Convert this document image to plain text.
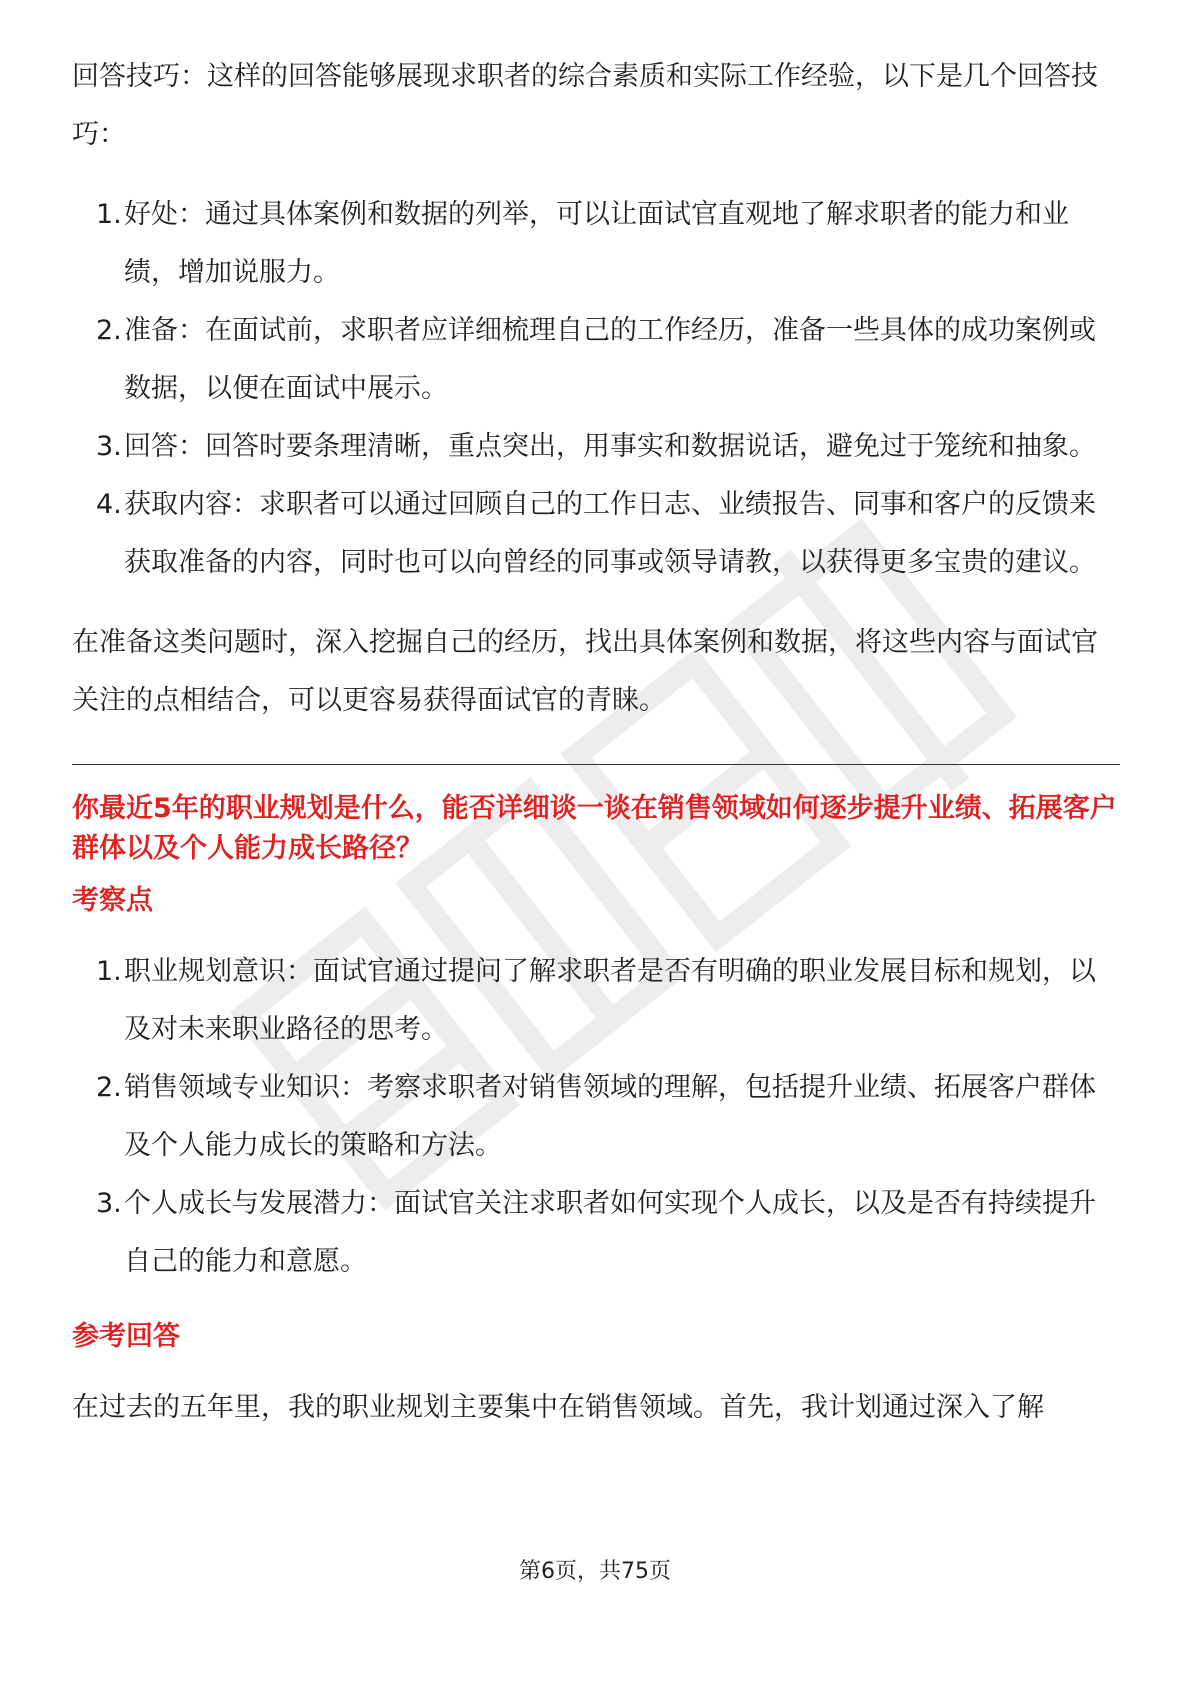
回答技巧：这样的回答能够展现求职者的综合素质和实际工作经验，以下是几个回答技巧：

1. 好处：通过具体案例和数据的列举，可以让面试官直观地了解求职者的能力和业绩，增加说服力。
2. 准备：在面试前，求职者应详细梳理自己的工作经历，准备一些具体的成功案例或数据，以便在面试中展示。
3. 回答：回答时要条理清晰，重点突出，用事实和数据说话，避免过于笼统和抽象。
4. 获取内容：求职者可以通过回顾自己的工作日志、业绩报告、同事和客户的反馈来获取准备的内容，同时也可以向曾经的同事或领导请教，以获得更多宝贵的建议。

在准备这类问题时，深入挖掘自己的经历，找出具体案例和数据，将这些内容与面试官关注的点相结合，可以更容易获得面试官的青睐。

你最近5年的职业规划是什么，能否详细谈一谈在销售领域如何逐步提升业绩、拓展客户群体以及个人能力成长路径？

考察点

1. 职业规划意识：面试官通过提问了解求职者是否有明确的职业发展目标和规划，以及对未来职业路径的思考。
2. 销售领域专业知识：考察求职者对销售领域的理解，包括提升业绩、拓展客户群体及个人能力成长的策略和方法。
3. 个人成长与发展潜力：面试官关注求职者如何实现个人成长，以及是否有持续提升自己的能力和意愿。

参考回答

在过去的五年里，我的职业规划主要集中在销售领域。首先，我计划通过深入了解

第6页，共75页
